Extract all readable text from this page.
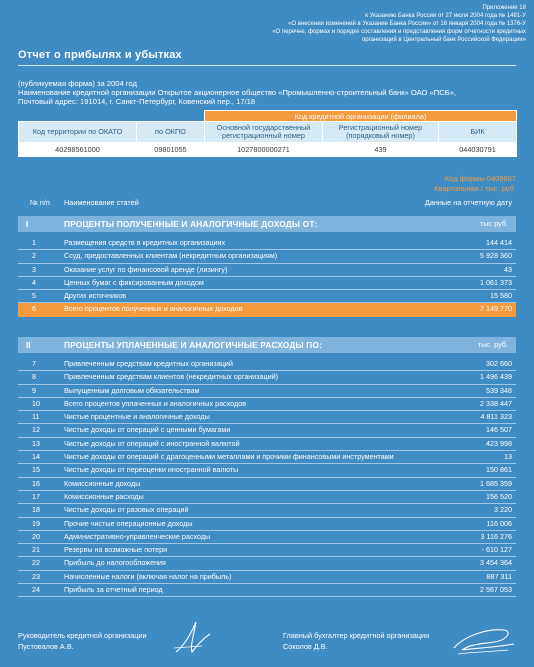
Приложение 18
к Указанию Банка России от 27 июля 2004 года № 1481-У
«О внесении изменений в Указание Банка России» от 16 января 2004 года № 1376-У
«О перечне, формах и порядке составления и представления форм отчетности кредитных
организаций в Центральный банк Российской Федерации»
Отчет о прибылях и убытках
(публикуемая форма) за 2004 год
Наименование кредитной организации Открытое акционерное общество «Промышленно-строительный банк» ОАО «ПСБ»,
Почтовый адрес: 191014, г. Санкт-Петербург, Ковенский пер., 17/18
		Код кредитной организации (филиала)		
Код территории по ОКАТО	по ОКПО	Основной государственный регистрационный номер	Регистрационный номер (порядковый номер)	БИК
40298561000	09801055	1027800000271	439	044030791
Код формы 0409807
Квартальная / тыс. руб.
№ п/п Наименование статей	Данные на отчетную дату
I	ПРОЦЕНТЫ ПОЛУЧЕННЫЕ И АНАЛОГИЧНЫЕ ДОХОДЫ ОТ:	тыс руб.
1	Размещения средств в кредитных организациях	144 414
2	Ссуд, предоставленных клиентам (некредитным организациям)	5 928 360
3	Оказание услуг по финансовой аренде (лизингу)	43
4	Ценных бумаг с фиксированным доходом	1 061 373
5	Других источников	15 580
6	Всего процентов полученных и аналогичных доходов	7 149 770
II	ПРОЦЕНТЫ УПЛАЧЕННЫЕ И АНАЛОГИЧНЫЕ РАСХОДЫ ПО:	тыс. руб.
7	Привлеченным средствам кредитных организаций	302 660
8	Привлеченным средствам клиентов (некредитных организаций)	1 496 439
9	Выпущенным долговым обязательствам	539 348
10	Всего процентов уплаченных и аналогичных расходов	2 338 447
11	Чистые процентные и аналогичные доходы	4 811 323
12	Чистые доходы от операций с ценными бумагами	146 507
13	Чистые доходы от операций с иностранной валютой	423 998
14	Чистые доходы от операций с драгоценными металлами и прочими финансовыми инструментами	13
15	Чистые доходы от переоценки иностранной валюты	150 861
16	Комиссионные доходы	1 685 359
17	Комиссионные расходы	156 520
18	Чистые доходы от разовых операций	3 220
19	Прочие чистые операционные доходы	116 006
20	Административно-управленческие расходы	3 116 276
21	Резервы на возможные потери	- 610 127
22	Прибыль до налогообложения	3 454 364
23	Начисленные налоги (включая налог на прибыль)	887 311
24	Прибыль за отчетный период	2 567 053
Руководитель кредитной организации
Пустовалов А.В.
Главный бухгалтер кредитной организации
Соколов Д.В.
